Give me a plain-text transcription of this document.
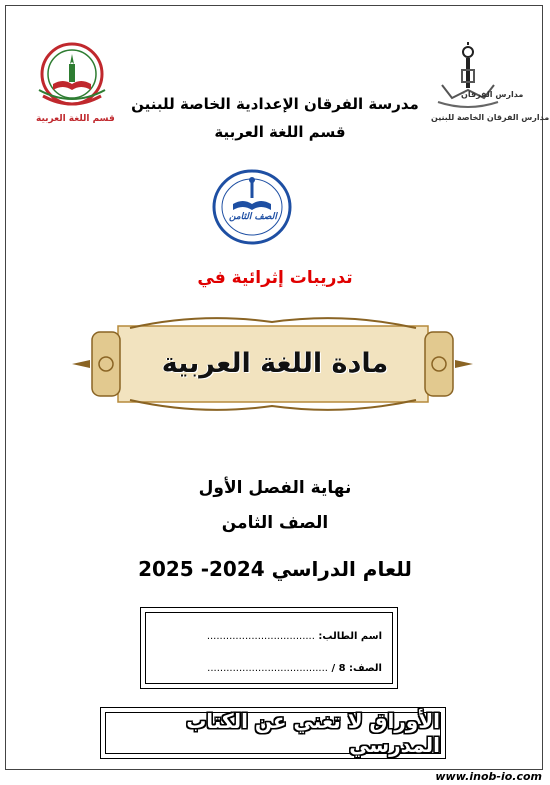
قسم اللغة العربية
مدارس الفرقان
مدارس الفرقان الخاصة للبنين
الصف الثامن
مدرسة الفرقان الإعدادية الخاصة للبنين
قسم اللغة العربية
تدريبات إثرائية في
مادة اللغة العربية
نهاية الفصل الأول
الصف الثامن
للعام الدراسي 2024- 2025
اسم الطالب: ..................................
الصف: 8 / ......................................
الأوراق لا تغني عن الكتاب المدرسي
www.inob-io.com
